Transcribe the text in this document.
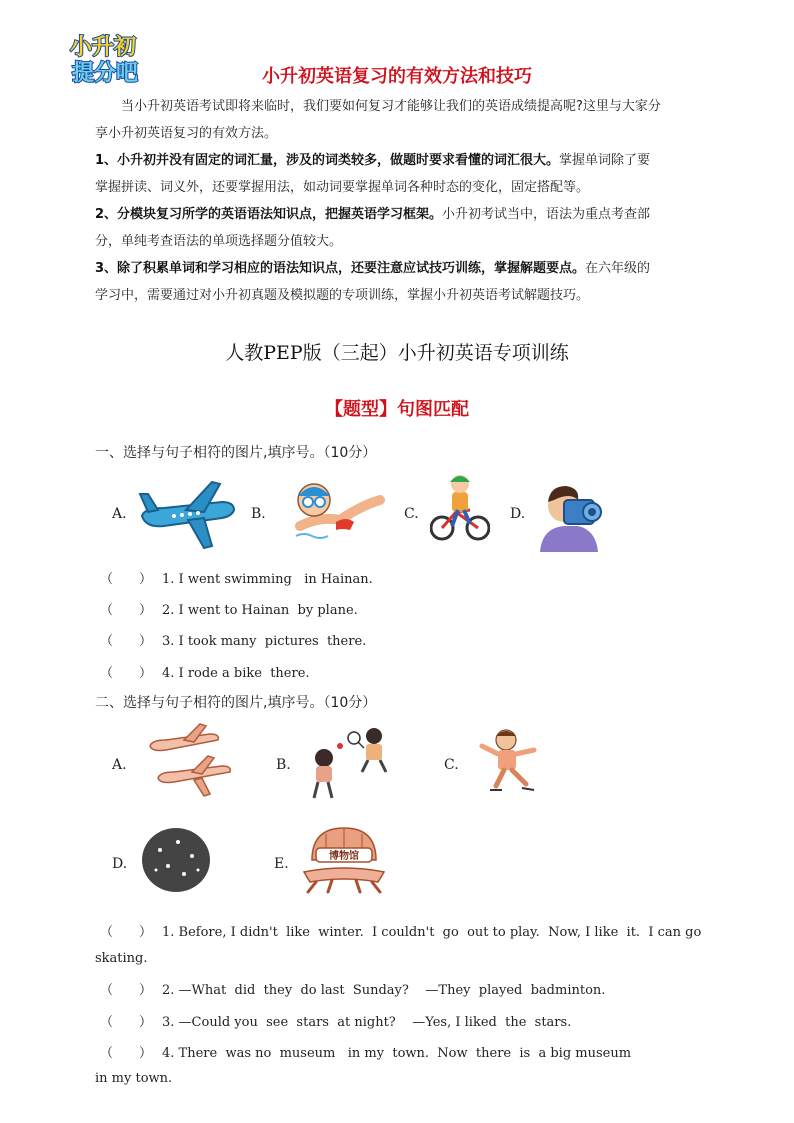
小升初
提分吧	小升初英语复习的有效方法和技巧
当小升初英语考试即将来临时，我们要如何复习才能够让我们的英语成绩提高呢?这里与大家分
享小升初英语复习的有效方法。
1、小升初并没有固定的词汇量，涉及的词类较多，做题时要求看懂的词汇很大。掌握单词除了要
掌握拼读、词义外，还要掌握用法，如动词要掌握单词各种时态的变化，固定搭配等。
2、分模块复习所学的英语语法知识点，把握英语学习框架。小升初考试当中，语法为重点考查部
分，单纯考查语法的单项选择题分值较大。
3、除了积累单词和学习相应的语法知识点，还要注意应试技巧训练，掌握解题要点。在六年级的
学习中，需要通过对小升初真题及模拟题的专项训练，掌握小升初英语考试解题技巧。
人教PEP版（三起）小升初英语专项训练
【题型】句图匹配
一、选择与句子相符的图片,填序号。（10分）
A.	B.	C.	D.
（　　） 1. I went swimming   in Hainan.
（　　） 2. I went to Hainan  by plane.
（　　） 3. I took many  pictures  there.
（　　） 4. I rode a bike  there.
二、选择与句子相符的图片,填序号。（10分）
A.	B.	C.
D.	E.	博物馆
（　　） 1. Before, I didn't  like  winter.  I couldn't  go  out to play.  Now, I like  it.  I can go
skating.
（　　） 2. —What  did  they  do last  Sunday?    —They  played  badminton.
（　　） 3. —Could you  see  stars  at night?    —Yes, I liked  the  stars.
（　　） 4. There  was no  museum   in my  town.  Now  there  is  a big museum
in my town.
